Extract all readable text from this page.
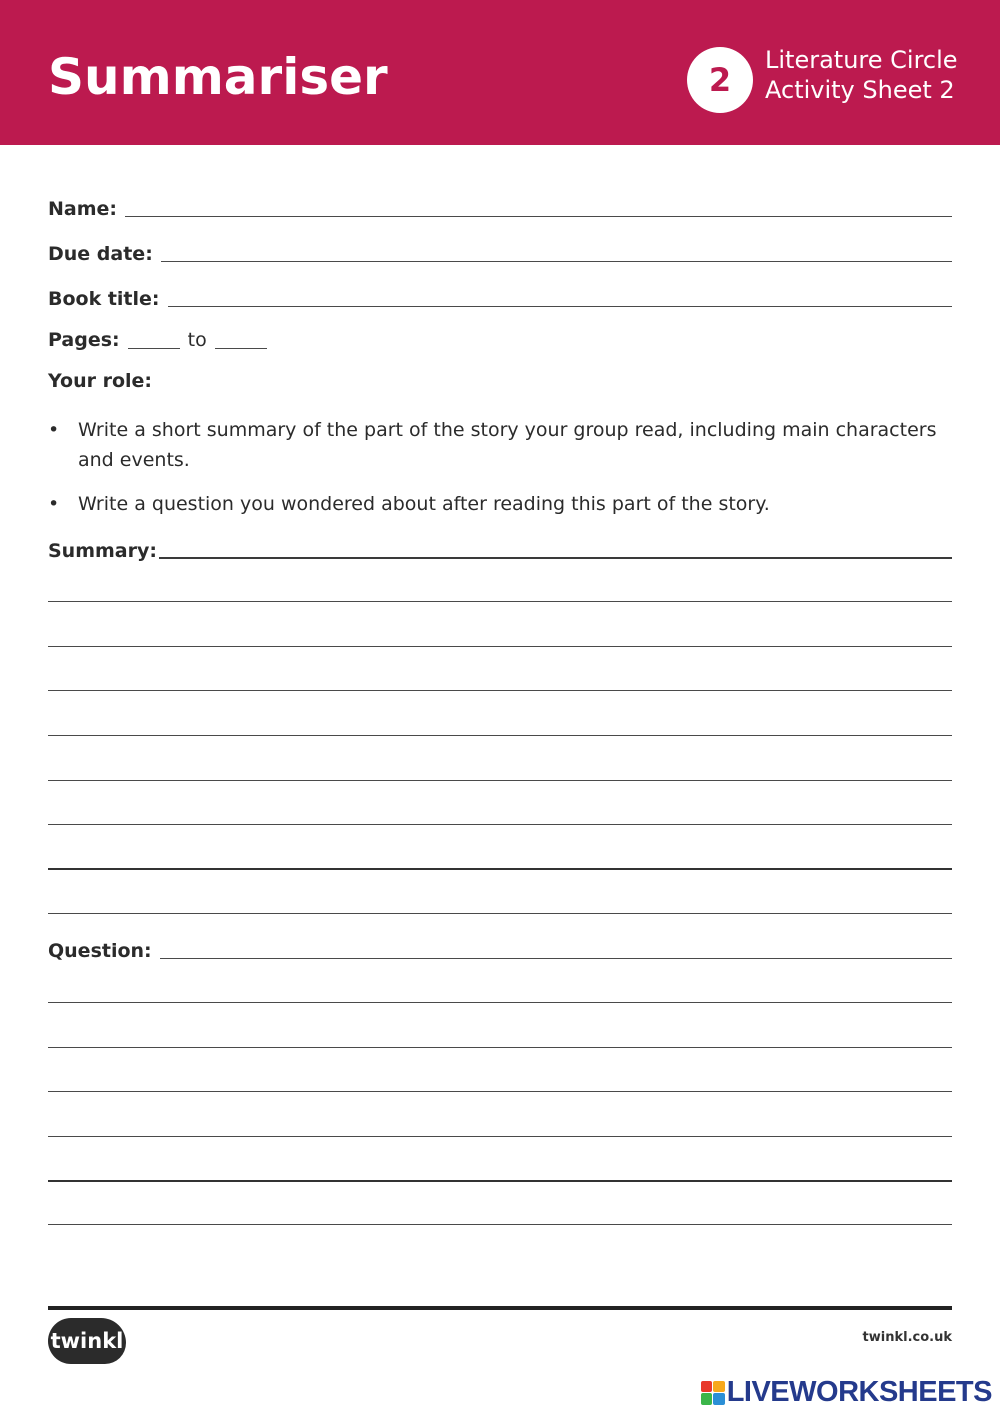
Summariser	2
Literature Circle
Activity Sheet 2
Name:
Due date:
Book title:
Pages:	to
Your role:
• Write a short summary of the part of the story your group read, including main characters and events.
• Write a question you wondered about after reading this part of the story.
Summary:
Question:
twinkl	twinkl.co.uk
LIVEWORKSHEETS
